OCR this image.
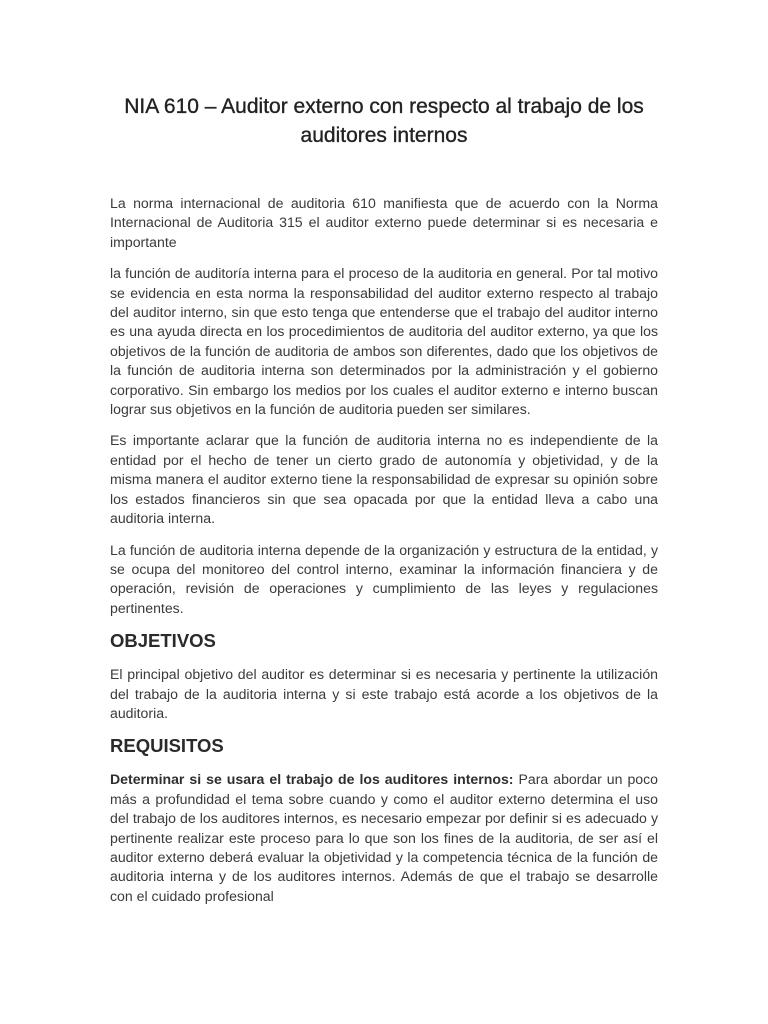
NIA 610 – Auditor externo con respecto al trabajo de los auditores internos

La norma internacional de auditoria 610 manifiesta que de acuerdo con la Norma Internacional de Auditoria 315 el auditor externo puede determinar si es necesaria e importante

la función de auditoría interna para el proceso de la auditoria en general. Por tal motivo se evidencia en esta norma la responsabilidad del auditor externo respecto al trabajo del auditor interno, sin que esto tenga que entenderse que el trabajo del auditor interno es una ayuda directa en los procedimientos de auditoria del auditor externo, ya que los objetivos de la función de auditoria de ambos son diferentes, dado que los objetivos de la función de auditoria interna son determinados por la administración y el gobierno corporativo. Sin embargo los medios por los cuales el auditor externo e interno buscan lograr sus objetivos en la función de auditoria pueden ser similares.

Es importante aclarar que la función de auditoria interna no es independiente de la entidad por el hecho de tener un cierto grado de autonomía y objetividad, y de la misma manera el auditor externo tiene la responsabilidad de expresar su opinión sobre los estados financieros sin que sea opacada por que la entidad lleva a cabo una auditoria interna.

La función de auditoria interna depende de la organización y estructura de la entidad, y se ocupa del monitoreo del control interno, examinar la información financiera y de operación, revisión de operaciones y cumplimiento de las leyes y regulaciones pertinentes.

OBJETIVOS

El principal objetivo del auditor es determinar si es necesaria y pertinente la utilización del trabajo de la auditoria interna y si este trabajo está acorde a los objetivos de la auditoria.

REQUISITOS

Determinar si se usara el trabajo de los auditores internos: Para abordar un poco más a profundidad el tema sobre cuando y como el auditor externo determina el uso del trabajo de los auditores internos, es necesario empezar por definir si es adecuado y pertinente realizar este proceso para lo que son los fines de la auditoria, de ser así el auditor externo deberá evaluar la objetividad y la competencia técnica de la función de auditoria interna y de los auditores internos. Además de que el trabajo se desarrolle con el cuidado profesional
